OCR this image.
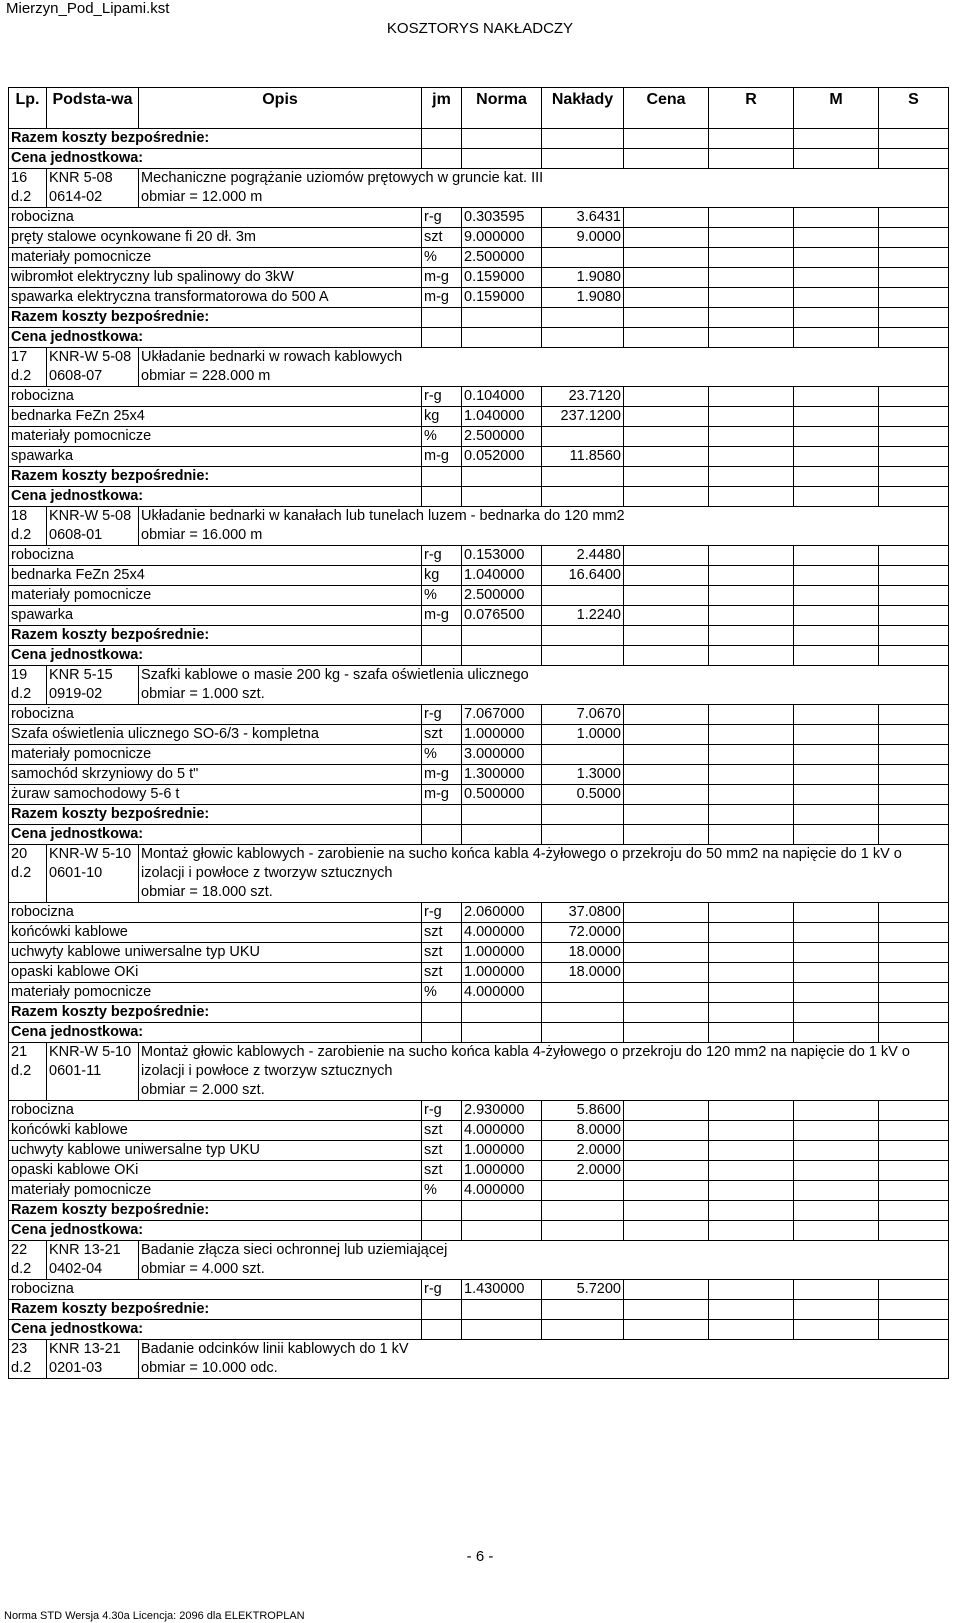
Mierzyn_Pod_Lipami.kst
KOSZTORYS NAKŁADCZY
Lp.	Podsta-wa	Opis	jm	Norma	Nakłady	Cena	R	M	S
Razem koszty bezpośrednie:									
Cena jednostkowa:									
16 d.2	KNR 5-08 0614-02	Mechaniczne pogrążanie uziomów prętowych w gruncie kat. III
obmiar = 12.000 m							

robocizna			r-g	0.303595	3.6431				
pręty stalowe ocynkowane fi 20 dł. 3m			szt	9.000000	9.0000				
materiały pomocnicze			%	2.500000					
wibromłot elektryczny lub spalinowy do 3kW			m-g	0.159000	1.9080				
spawarka elektryczna transformatorowa do 500 A			m-g	0.159000	1.9080				
Razem koszty bezpośrednie:									
Cena jednostkowa:									
17 d.2	KNR-W 5-08 0608-07	Układanie bednarki w rowach kablowych
obmiar = 228.000 m							

robocizna			r-g	0.104000	23.7120				
bednarka FeZn 25x4			kg	1.040000	237.1200				
materiały pomocnicze			%	2.500000					
spawarka			m-g	0.052000	11.8560				
Razem koszty bezpośrednie:									
Cena jednostkowa:									
18 d.2	KNR-W 5-08 0608-01	Układanie bednarki w kanałach lub tunelach luzem - bednarka do 120 mm2
obmiar = 16.000 m							

robocizna			r-g	0.153000	2.4480				
bednarka FeZn 25x4			kg	1.040000	16.6400				
materiały pomocnicze			%	2.500000					
spawarka			m-g	0.076500	1.2240				
Razem koszty bezpośrednie:									
Cena jednostkowa:									
19 d.2	KNR 5-15 0919-02	Szafki kablowe o masie 200 kg - szafa oświetlenia ulicznego
obmiar = 1.000 szt.							

robocizna			r-g	7.067000	7.0670				
Szafa oświetlenia ulicznego SO-6/3 - kompletna			szt	1.000000	1.0000				
materiały pomocnicze			%	3.000000					
samochód skrzyniowy do 5 t"			m-g	1.300000	1.3000				
żuraw samochodowy 5-6 t			m-g	0.500000	0.5000				
Razem koszty bezpośrednie:									
Cena jednostkowa:									
20 d.2	KNR-W 5-10 0601-10	Montaż głowic kablowych - zarobienie na sucho końca kabla 4-żyłowego o przekroju do 50 mm2 na napięcie do 1 kV o izolacji i powłoce z tworzyw sztucznych
obmiar = 18.000 szt.							

robocizna			r-g	2.060000	37.0800				
końcówki kablowe			szt	4.000000	72.0000				
uchwyty kablowe uniwersalne typ UKU			szt	1.000000	18.0000				
opaski kablowe OKi			szt	1.000000	18.0000				
materiały pomocnicze			%	4.000000					
Razem koszty bezpośrednie:									
Cena jednostkowa:									
21 d.2	KNR-W 5-10 0601-11	Montaż głowic kablowych - zarobienie na sucho końca kabla 4-żyłowego o przekroju do 120 mm2 na napięcie do 1 kV o izolacji i powłoce z tworzyw sztucznych
obmiar = 2.000 szt.							

robocizna			r-g	2.930000	5.8600				
końcówki kablowe			szt	4.000000	8.0000				
uchwyty kablowe uniwersalne typ UKU			szt	1.000000	2.0000				
opaski kablowe OKi			szt	1.000000	2.0000				
materiały pomocnicze			%	4.000000					
Razem koszty bezpośrednie:									
Cena jednostkowa:									
22 d.2	KNR 13-21 0402-04	Badanie złącza sieci ochronnej lub uziemiającej
obmiar = 4.000 szt.							

robocizna			r-g	1.430000	5.7200				
Razem koszty bezpośrednie:									
Cena jednostkowa:									
23 d.2	KNR 13-21 0201-03	Badanie odcinków linii kablowych do 1 kV
obmiar = 10.000 odc.							
- 6 -
Norma STD Wersja 4.30a Licencja: 2096 dla ELEKTROPLAN
